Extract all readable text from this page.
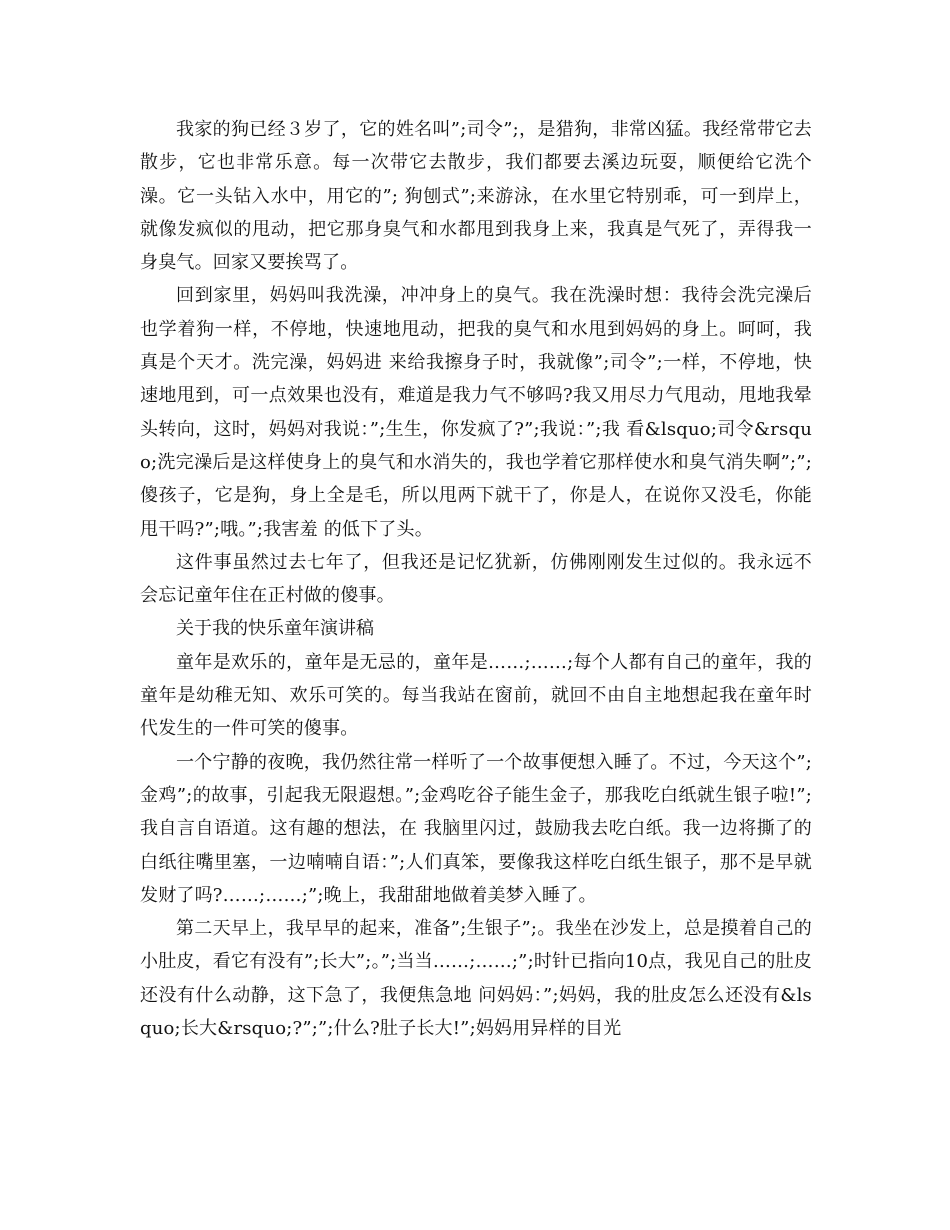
我家的狗已经３岁了，它的姓名叫”;司令”;，是猎狗，非常凶猛。我经常带它去散步，它也非常乐意。每一次带它去散步，我们都要去溪边玩耍，顺便给它洗个澡。它一头钻入水中，用它的”; 狗刨式”;来游泳，在水里它特别乖，可一到岸上，就像发疯似的甩动，把它那身臭气和水都甩到我身上来，我真是气死了，弄得我一身臭气。回家又要挨骂了。

回到家里，妈妈叫我洗澡，冲冲身上的臭气。我在洗澡时想：我待会洗完澡后也学着狗一样，不停地，快速地甩动，把我的臭气和水甩到妈妈的身上。呵呵，我真是个天才。洗完澡，妈妈进 来给我擦身子时，我就像”;司令”;一样，不停地，快速地甩到，可一点效果也没有，难道是我力气不够吗?我又用尽力气甩动，甩地我晕头转向，这时，妈妈对我说：”;生生，你发疯了?”;我说：”;我 看&lsquo;司令&rsquo;洗完澡后是这样使身上的臭气和水消失的，我也学着它那样使水和臭气消失啊”;”;傻孩子，它是狗，身上全是毛，所以甩两下就干了，你是人，在说你又没毛，你能甩干吗?”;哦。”;我害羞 的低下了头。

这件事虽然过去七年了，但我还是记忆犹新，仿佛刚刚发生过似的。我永远不会忘记童年住在正村做的傻事。

关于我的快乐童年演讲稿

童年是欢乐的，童年是无忌的，童年是……;……;每个人都有自己的童年，我的童年是幼稚无知、欢乐可笑的。每当我站在窗前，就回不由自主地想起我在童年时代发生的一件可笑的傻事。

一个宁静的夜晚，我仍然往常一样听了一个故事便想入睡了。不过，今天这个”;金鸡”;的故事，引起我无限遐想。”;金鸡吃谷子能生金子，那我吃白纸就生银子啦!”;我自言自语道。这有趣的想法，在 我脑里闪过，鼓励我去吃白纸。我一边将撕了的白纸往嘴里塞，一边喃喃自语：”;人们真笨，要像我这样吃白纸生银子，那不是早就发财了吗?……;……;”;晚上，我甜甜地做着美梦入睡了。

第二天早上，我早早的起来，准备”;生银子”;。我坐在沙发上，总是摸着自己的小肚皮，看它有没有”;长大”;。”;当当……;……;”;时针已指向10点，我见自己的肚皮还没有什么动静，这下急了，我便焦急地 问妈妈：”;妈妈，我的肚皮怎么还没有&lsquo;长大&rsquo;?”;”;什么?肚子长大!”;妈妈用异样的目光
